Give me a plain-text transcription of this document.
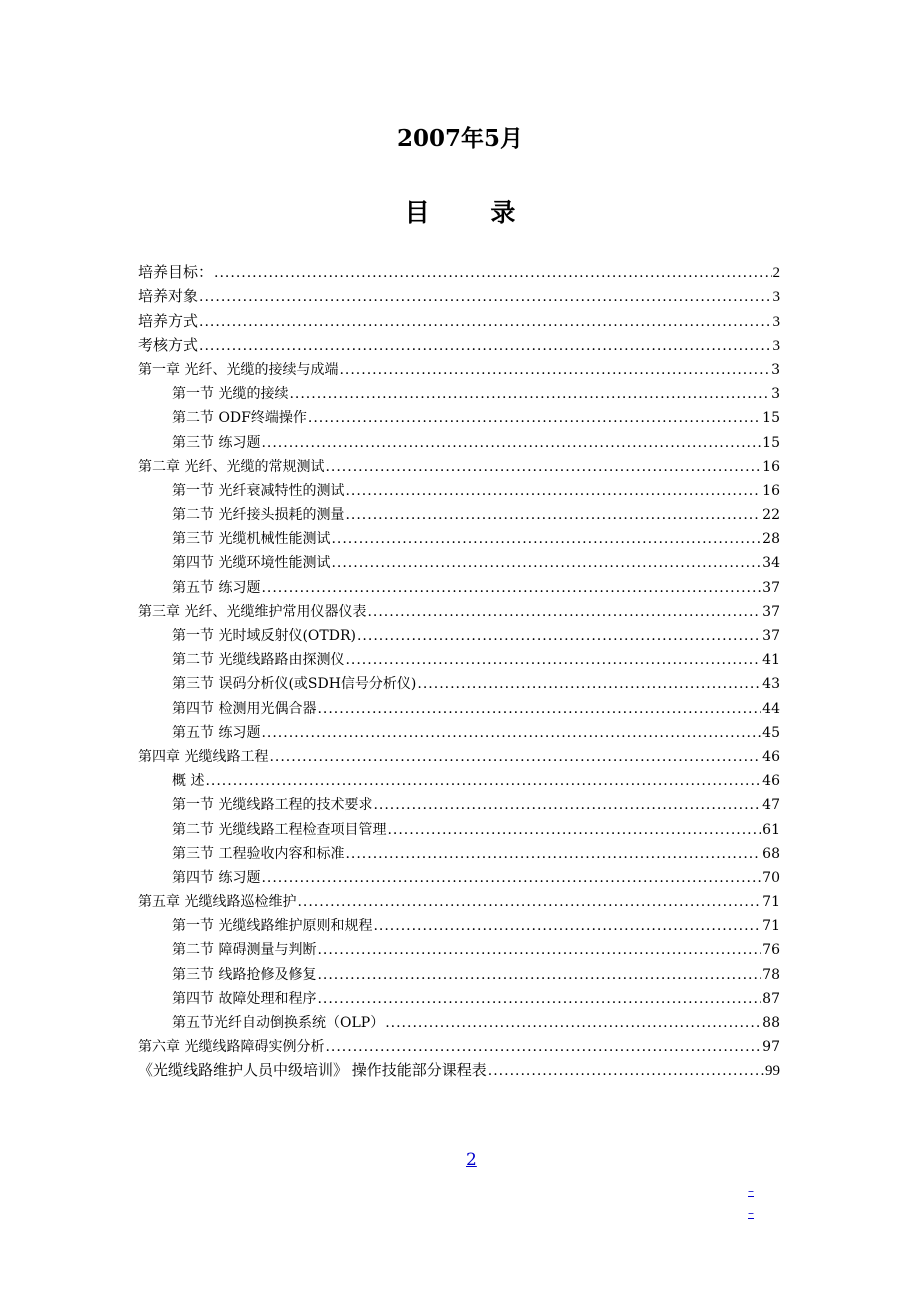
2007年5月
目 录
培养目标： .....	2
培养对象 .....	3
培养方式 .....	3
考核方式 .....	3
第一章 光纤、光缆的接续与成端 .....	3
第一节 光缆的接续 .....	3
第二节 ODF终端操作 .....	15
第三节 练习题 .....	15
第二章 光纤、光缆的常规测试 .....	16
第一节 光纤衰减特性的测试 .....	16
第二节 光纤接头损耗的测量 .....	22
第三节 光缆机械性能测试 .....	28
第四节 光缆环境性能测试 .....	34
第五节 练习题 .....	37
第三章 光纤、光缆维护常用仪器仪表 .....	37
第一节 光时域反射仪(OTDR) .....	37
第二节 光缆线路路由探测仪 .....	41
第三节 误码分析仪(或SDH信号分析仪) .....	43
第四节 检测用光偶合器 .....	44
第五节 练习题 .....	45
第四章 光缆线路工程 .....	46
概 述 .....	46
第一节 光缆线路工程的技术要求 .....	47
第二节 光缆线路工程检查项目管理 .....	61
第三节 工程验收内容和标准 .....	68
第四节 练习题 .....	70
第五章 光缆线路巡检维护 .....	71
第一节 光缆线路维护原则和规程 .....	71
第二节 障碍测量与判断 .....	76
第三节 线路抢修及修复 .....	78
第四节 故障处理和程序 .....	87
第五节光纤自动倒换系统（OLP） .....	88
第六章 光缆线路障碍实例分析 .....	97
《光缆线路维护人员中级培训》 操作技能部分课程表 .....	99
2
–
–
